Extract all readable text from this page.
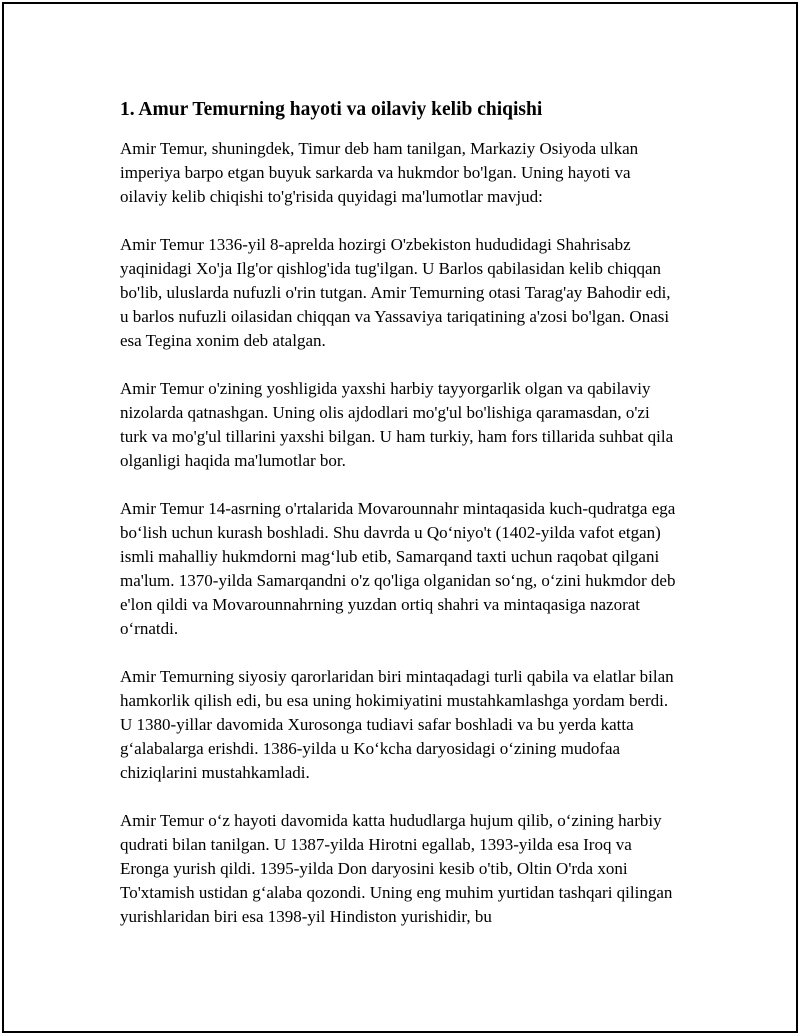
1. Amur Temurning hayoti va oilaviy kelib chiqishi

Amir Temur, shuningdek, Timur deb ham tanilgan, Markaziy Osiyoda ulkan imperiya barpo etgan buyuk sarkarda va hukmdor bo'lgan. Uning hayoti va oilaviy kelib chiqishi to'g'risida quyidagi ma'lumotlar mavjud:

Amir Temur 1336-yil 8-aprelda hozirgi O'zbekiston hududidagi Shahrisabz yaqinidagi Xo'ja Ilg'or qishlog'ida tug'ilgan. U Barlos qabilasidan kelib chiqqan bo'lib, uluslarda nufuzli o'rin tutgan. Amir Temurning otasi Tarag'ay Bahodir edi, u barlos nufuzli oilasidan chiqqan va Yassaviya tariqatining a'zosi bo'lgan. Onasi esa Tegina xonim deb atalgan.

Amir Temur o'zining yoshligida yaxshi harbiy tayyorgarlik olgan va qabilaviy nizolarda qatnashgan. Uning olis ajdodlari mo'g'ul bo'lishiga qaramasdan, o'zi turk va mo'g'ul tillarini yaxshi bilgan. U ham turkiy, ham fors tillarida suhbat qila olganligi haqida ma'lumotlar bor.

Amir Temur 14-asrning o'rtalarida Movarounnahr mintaqasida kuch-qudratga ega bo‘lish uchun kurash boshladi. Shu davrda u Qo‘niyo't (1402-yilda vafot etgan) ismli mahalliy hukmdorni mag‘lub etib, Samarqand taxti uchun raqobat qilgani ma'lum. 1370-yilda Samarqandni o'z qo'liga olganidan so‘ng, o‘zini hukmdor deb e'lon qildi va Movarounnahrning yuzdan ortiq shahri va mintaqasiga nazorat o‘rnatdi.

Amir Temurning siyosiy qarorlaridan biri mintaqadagi turli qabila va elatlar bilan hamkorlik qilish edi, bu esa uning hokimiyatini mustahkamlashga yordam berdi. U 1380-yillar davomida Xurosonga tudiavi safar boshladi va bu yerda katta g‘alabalarga erishdi. 1386-yilda u Ko‘kcha daryosidagi o‘zining mudofaa chiziqlarini mustahkamladi.

Amir Temur o‘z hayoti davomida katta hududlarga hujum qilib, o‘zining harbiy qudrati bilan tanilgan. U 1387-yilda Hirotni egallab, 1393-yilda esa Iroq va Eronga yurish qildi. 1395-yilda Don daryosini kesib o'tib, Oltin O'rda xoni To'xtamish ustidan g‘alaba qozondi. Uning eng muhim yurtidan tashqari qilingan yurishlaridan biri esa 1398-yil Hindiston yurishidir, bu
